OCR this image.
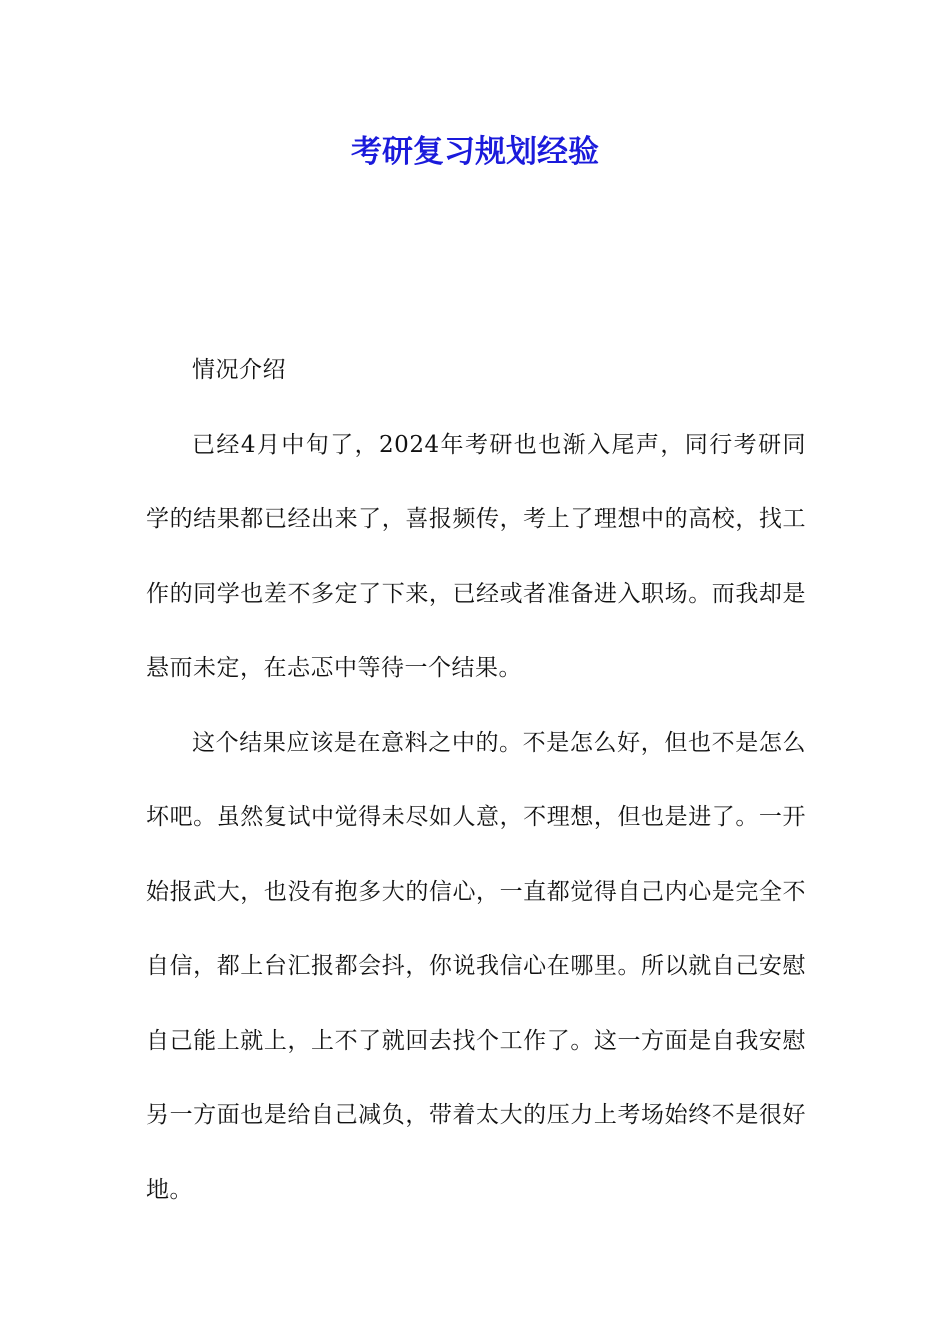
考研复习规划经验

情况介绍

已经4月中旬了，2024年考研也也渐入尾声，同行考研同学的结果都已经出来了，喜报频传，考上了理想中的高校，找工作的同学也差不多定了下来，已经或者准备进入职场。而我却是悬而未定，在忐忑中等待一个结果。

这个结果应该是在意料之中的。不是怎么好，但也不是怎么坏吧。虽然复试中觉得未尽如人意，不理想，但也是进了。一开始报武大，也没有抱多大的信心，一直都觉得自己内心是完全不自信，都上台汇报都会抖，你说我信心在哪里。所以就自己安慰自己能上就上，上不了就回去找个工作了。这一方面是自我安慰另一方面也是给自己减负，带着太大的压力上考场始终不是很好地。
